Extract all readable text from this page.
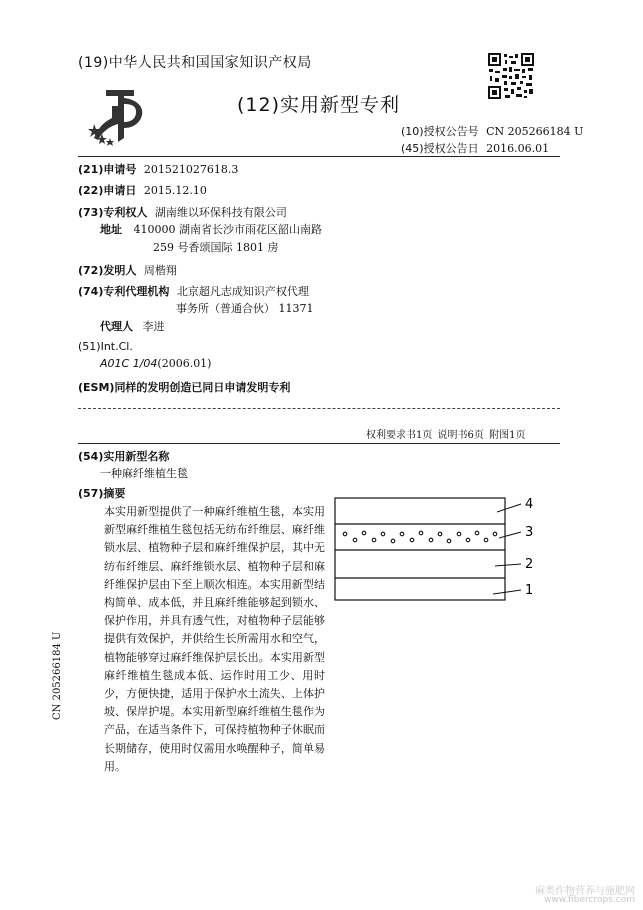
(19)中华人民共和国国家知识产权局
(12)实用新型专利
(10)授权公告号 CN 205266184 U
(45)授权公告日 2016.06.01
(21)申请号 201521027618.3
(22)申请日 2015.12.10
(73)专利权人 湖南维以环保科技有限公司
地址 410000 湖南省长沙市雨花区韶山南路
259 号香颂国际 1801 房
(72)发明人 周楷翔
(74)专利代理机构 北京超凡志成知识产权代理
事务所（普通合伙） 11371
代理人 李进
(51)Int.Cl.
A01C 1/04(2006.01)
(ESM)同样的发明创造已同日申请发明专利
权利要求书1页 说明书6页 附图1页
(54)实用新型名称
一种麻纤维植生毯
(57)摘要
本实用新型提供了一种麻纤维植生毯，本实用新型麻纤维植生毯包括无纺布纤维层、麻纤维锁水层、植物种子层和麻纤维保护层，其中无纺布纤维层、麻纤维锁水层、植物种子层和麻纤维保护层由下至上顺次相连。本实用新型结构简单、成本低，并且麻纤维能够起到锁水、保护作用，并具有透气性，对植物种子层能够提供有效保护，并供给生长所需用水和空气，植物能够穿过麻纤维保护层长出。本实用新型麻纤维植生毯成本低、运作时用工少、用时少，方便快捷，适用于保护水土流失、上体护坡、保岸护堤。本实用新型麻纤维植生毯作为产品，在适当条件下，可保持植物种子休眠而长期储存，使用时仅需用水唤醒种子，简单易用。
4
3
2
1
CN 205266184 U
麻类作物营养与施肥网
www.fibercrops.com
